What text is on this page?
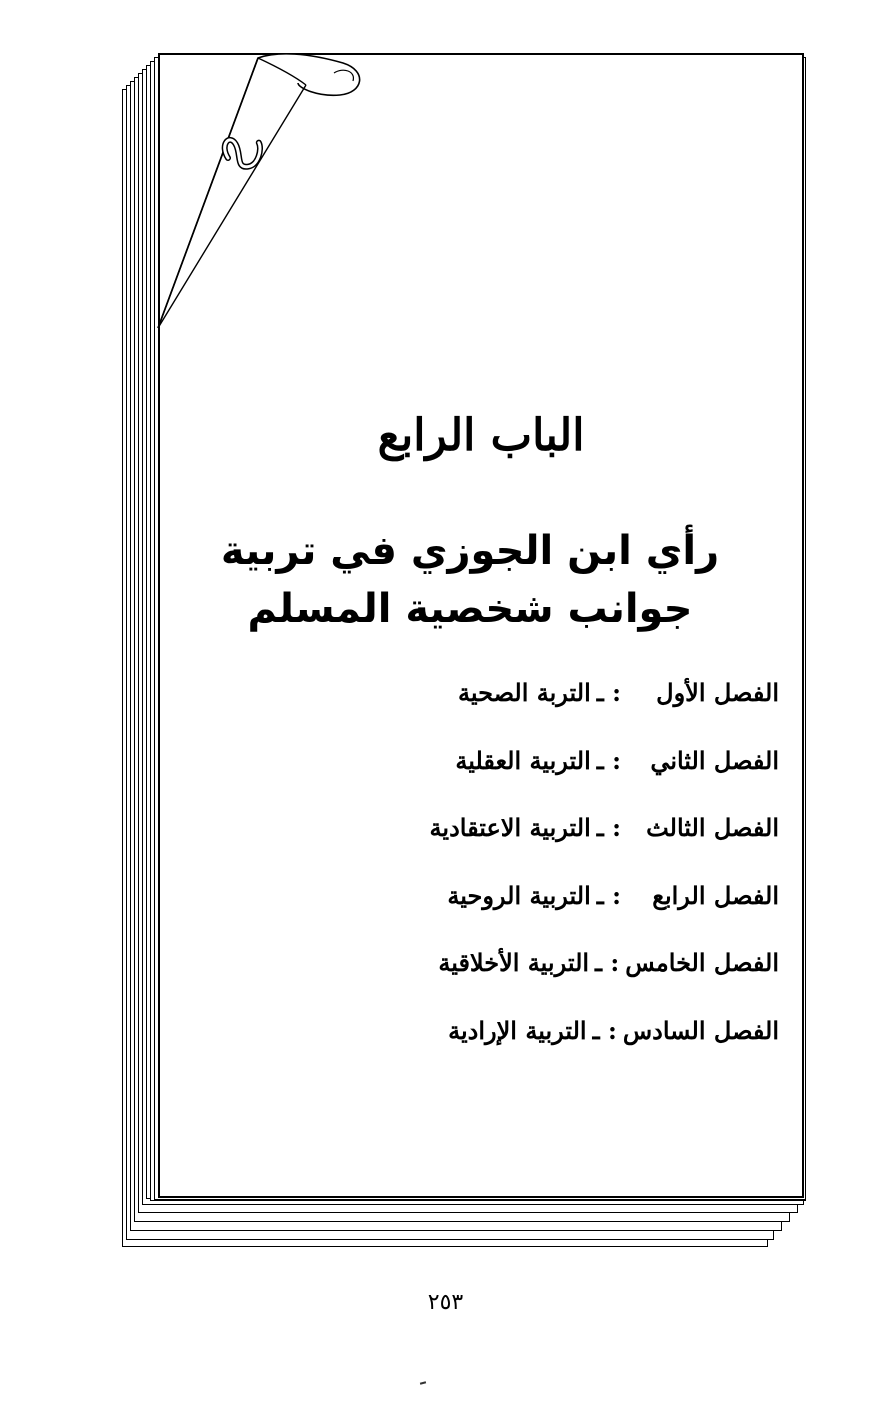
الباب الرابع
رأي ابن الجوزي في تربية
جوانب شخصية المسلم
الفصل الأول: ـالتربة الصحية
الفصل الثاني: ـالتربية العقلية
الفصل الثالث: ـالتربية الاعتقادية
الفصل الرابع: ـالتربية الروحية
الفصل الخامس: ـالتربية الأخلاقية
الفصل السادس: ـالتربية الإرادية
٢٥٣
